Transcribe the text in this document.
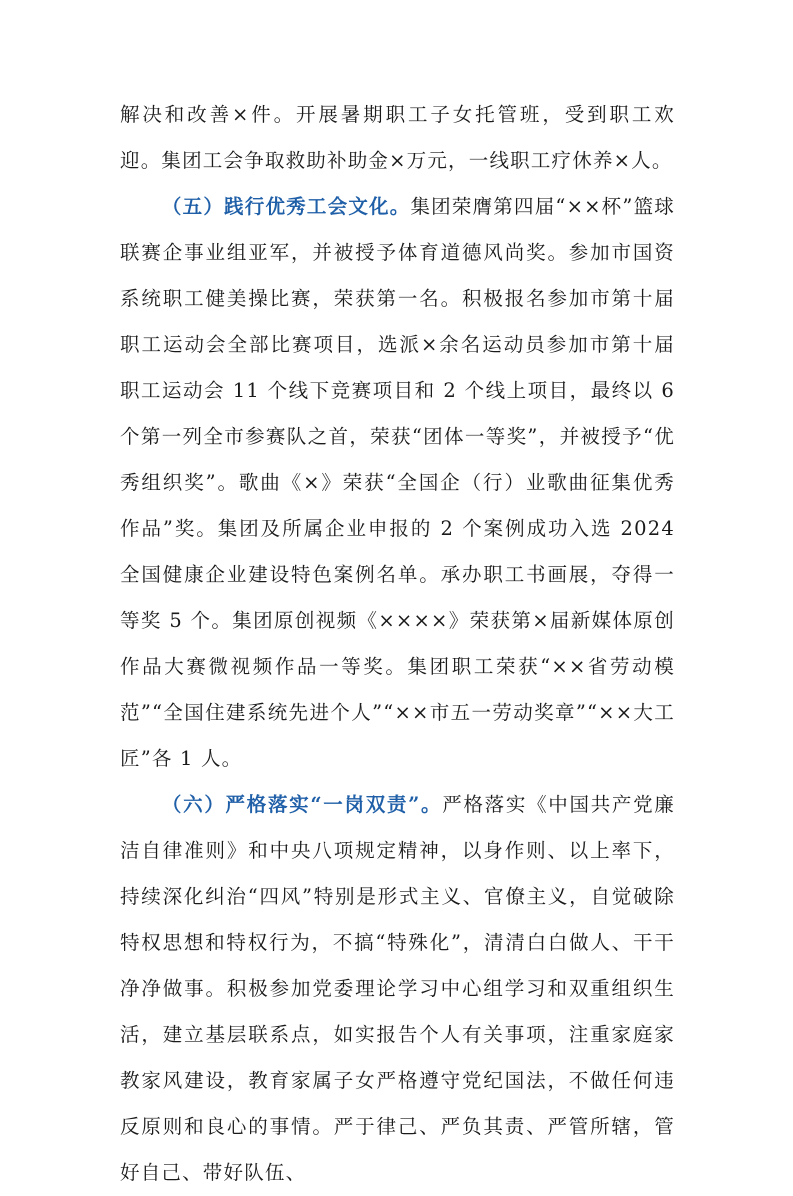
解决和改善×件。开展暑期职工子女托管班，受到职工欢迎。集团工会争取救助补助金×万元，一线职工疗休养×人。

（五）践行优秀工会文化。集团荣膺第四届“××杯”篮球联赛企事业组亚军，并被授予体育道德风尚奖。参加市国资系统职工健美操比赛，荣获第一名。积极报名参加市第十届职工运动会全部比赛项目，选派×余名运动员参加市第十届职工运动会 11 个线下竞赛项目和 2 个线上项目，最终以 6 个第一列全市参赛队之首，荣获“团体一等奖”，并被授予“优秀组织奖”。歌曲《×》荣获“全国企（行）业歌曲征集优秀作品”奖。集团及所属企业申报的 2 个案例成功入选 2024 全国健康企业建设特色案例名单。承办职工书画展，夺得一等奖 5 个。集团原创视频《××××》荣获第×届新媒体原创作品大赛微视频作品一等奖。集团职工荣获“××省劳动模范”“全国住建系统先进个人”“××市五一劳动奖章”“××大工匠”各 1 人。

（六）严格落实“一岗双责”。严格落实《中国共产党廉洁自律准则》和中央八项规定精神，以身作则、以上率下，持续深化纠治“四风”特别是形式主义、官僚主义，自觉破除特权思想和特权行为，不搞“特殊化”，清清白白做人、干干净净做事。积极参加党委理论学习中心组学习和双重组织生活，建立基层联系点，如实报告个人有关事项，注重家庭家教家风建设，教育家属子女严格遵守党纪国法，不做任何违反原则和良心的事情。严于律己、严负其责、严管所辖，管好自己、带好队伍、
